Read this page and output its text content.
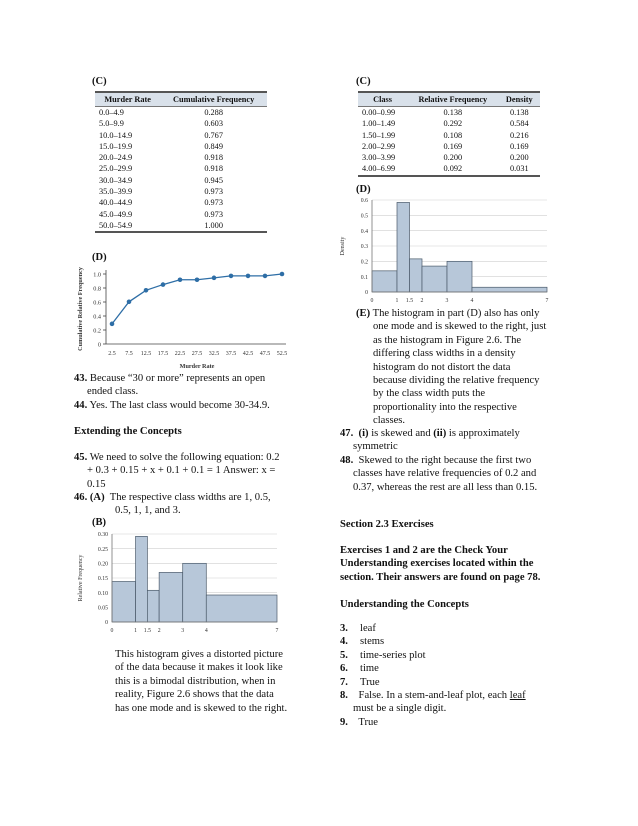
(C)
Murder Rate	Cumulative Frequency
0.0–4.9	0.288
5.0–9.9	0.603
10.0–14.9	0.767
15.0–19.9	0.849
20.0–24.9	0.918
25.0–29.9	0.918
30.0–34.9	0.945
35.0–39.9	0.973
40.0–44.9	0.973
45.0–49.9	0.973
50.0–54.9	1.000
(D)
0
0.2
0.4
0.6
0.8
1.0
2.5 7.5 12.5 17.5 22.5 27.5 32.5 37.5 42.5 47.5 52.5
Murder Rate
Cumulative Relative Frequency
43. Because “30 or more” represents an open
ended class.
44. Yes. The last class would become 30-34.9.
Extending the Concepts
45. We need to solve the following equation: 0.2
+ 0.3 + 0.15 + x + 0.1 + 0.1 = 1 Answer: x =
0.15
46. (A) The respective class widths are 1, 0.5,
0.5, 1, 1, and 3.
(B)
0
0.05
0.10
0.15
0.20
0.25
0.30
0	1 1.5 2	3	4	7
Relative Frequency
This histogram gives a distorted picture
of the data because it makes it look like
this is a bimodal distribution, when in
reality, Figure 2.6 shows that the data
has one mode and is skewed to the right.
(C)
Class	Relative Frequency	Density
0.00–0.99	0.138	0.138
1.00–1.49	0.292	0.584
1.50–1.99	0.108	0.216
2.00–2.99	0.169	0.169
3.00–3.99	0.200	0.200
4.00–6.99	0.092	0.031
(D)
0
0.1
0.2
0.3
0.4
0.5
0.6
0	1 1.5 2	3	4	7
Density
(E) The histogram in part (D) also has only
one mode and is skewed to the right, just
as the histogram in Figure 2.6. The
differing class widths in a density
histogram do not distort the data
because dividing the relative frequency
by the class width puts the
proportionality into the respective
classes.
47. (i) is skewed and (ii) is approximately
symmetric
48. Skewed to the right because the first two
classes have relative frequencies of 0.2 and
0.37, whereas the rest are all less than 0.15.
Section 2.3 Exercises
Exercises 1 and 2 are the Check Your
Understanding exercises located within the
section. Their answers are found on page 78.
Understanding the Concepts
3. leaf
4. stems
5. time-series plot
6. time
7. True
8. False. In a stem-and-leaf plot, each leaf
must be a single digit.
9. True
